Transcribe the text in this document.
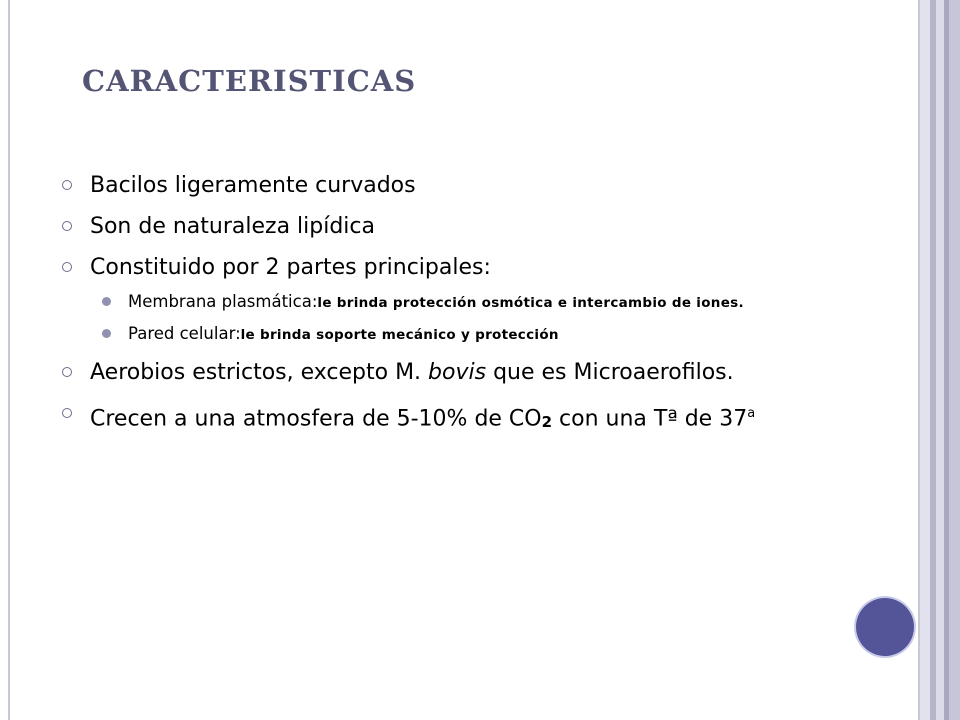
CARACTERISTICAS
Bacilos ligeramente curvados
Son de naturaleza lipídica
Constituido por 2 partes principales:
Membrana plasmática:le brinda protección osmótica e intercambio de iones.
Pared celular:le brinda soporte mecánico y protección
Aerobios estrictos, excepto M. bovis que es Microaerofilos.
Crecen a una atmosfera de 5-10% de $CO_2$ con una Tª de 37$^a$
